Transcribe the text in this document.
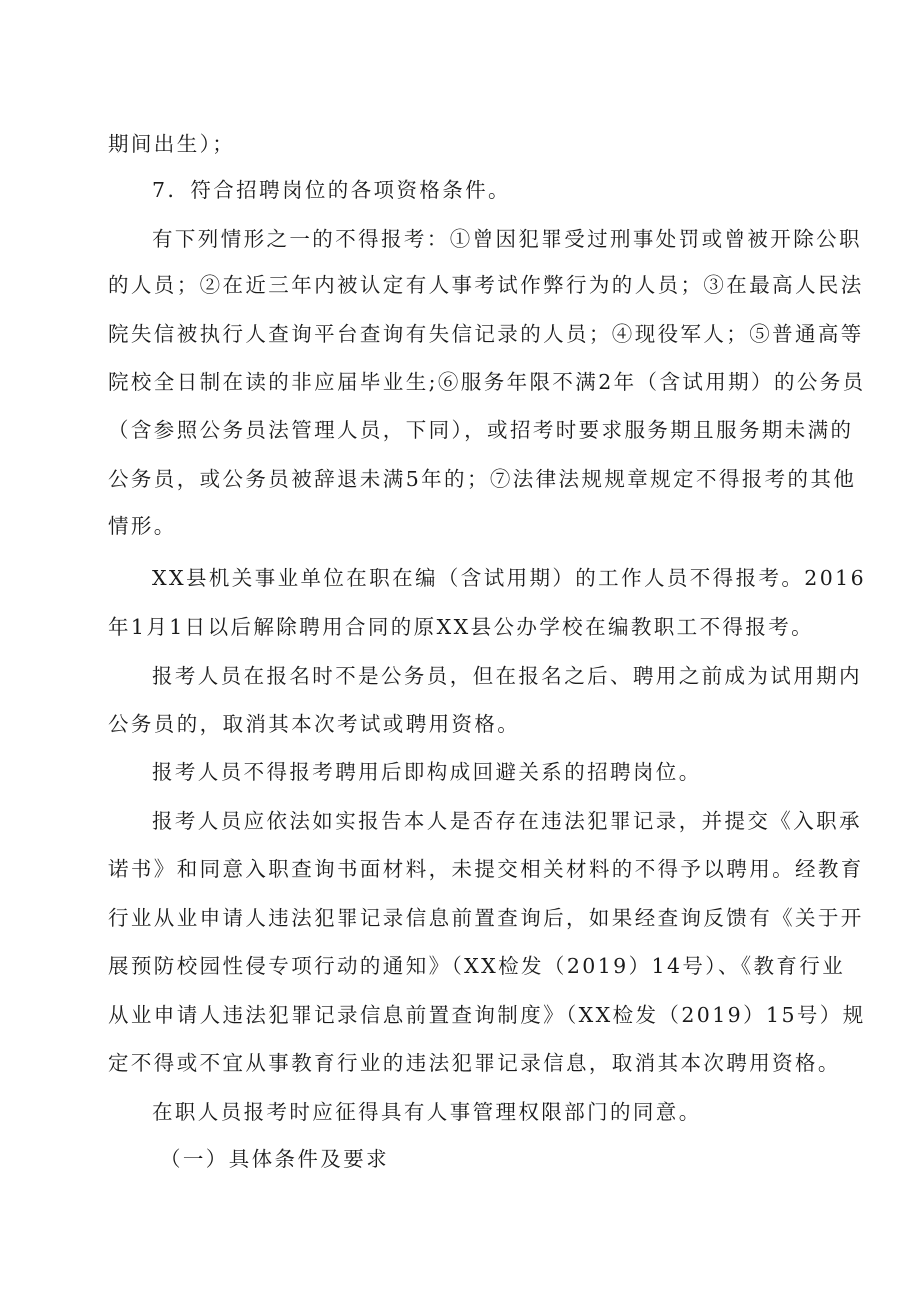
期间出生）；
7．符合招聘岗位的各项资格条件。
有下列情形之一的不得报考：①曾因犯罪受过刑事处罚或曾被开除公职
的人员；②在近三年内被认定有人事考试作弊行为的人员；③在最高人民法
院失信被执行人查询平台查询有失信记录的人员；④现役军人；⑤普通高等
院校全日制在读的非应届毕业生;⑥服务年限不满2年（含试用期）的公务员
（含参照公务员法管理人员，下同），或招考时要求服务期且服务期未满的
公务员，或公务员被辞退未满5年的；⑦法律法规规章规定不得报考的其他
情形。
XX县机关事业单位在职在编（含试用期）的工作人员不得报考。2016
年1月1日以后解除聘用合同的原XX县公办学校在编教职工不得报考。
报考人员在报名时不是公务员，但在报名之后、聘用之前成为试用期内
公务员的，取消其本次考试或聘用资格。
报考人员不得报考聘用后即构成回避关系的招聘岗位。
报考人员应依法如实报告本人是否存在违法犯罪记录，并提交《入职承
诺书》和同意入职查询书面材料，未提交相关材料的不得予以聘用。经教育
行业从业申请人违法犯罪记录信息前置查询后，如果经查询反馈有《关于开
展预防校园性侵专项行动的通知》（XX检发（2019）14号）、《教育行业
从业申请人违法犯罪记录信息前置查询制度》（XX检发（2019）15号）规
定不得或不宜从事教育行业的违法犯罪记录信息，取消其本次聘用资格。
在职人员报考时应征得具有人事管理权限部门的同意。
（一）具体条件及要求
